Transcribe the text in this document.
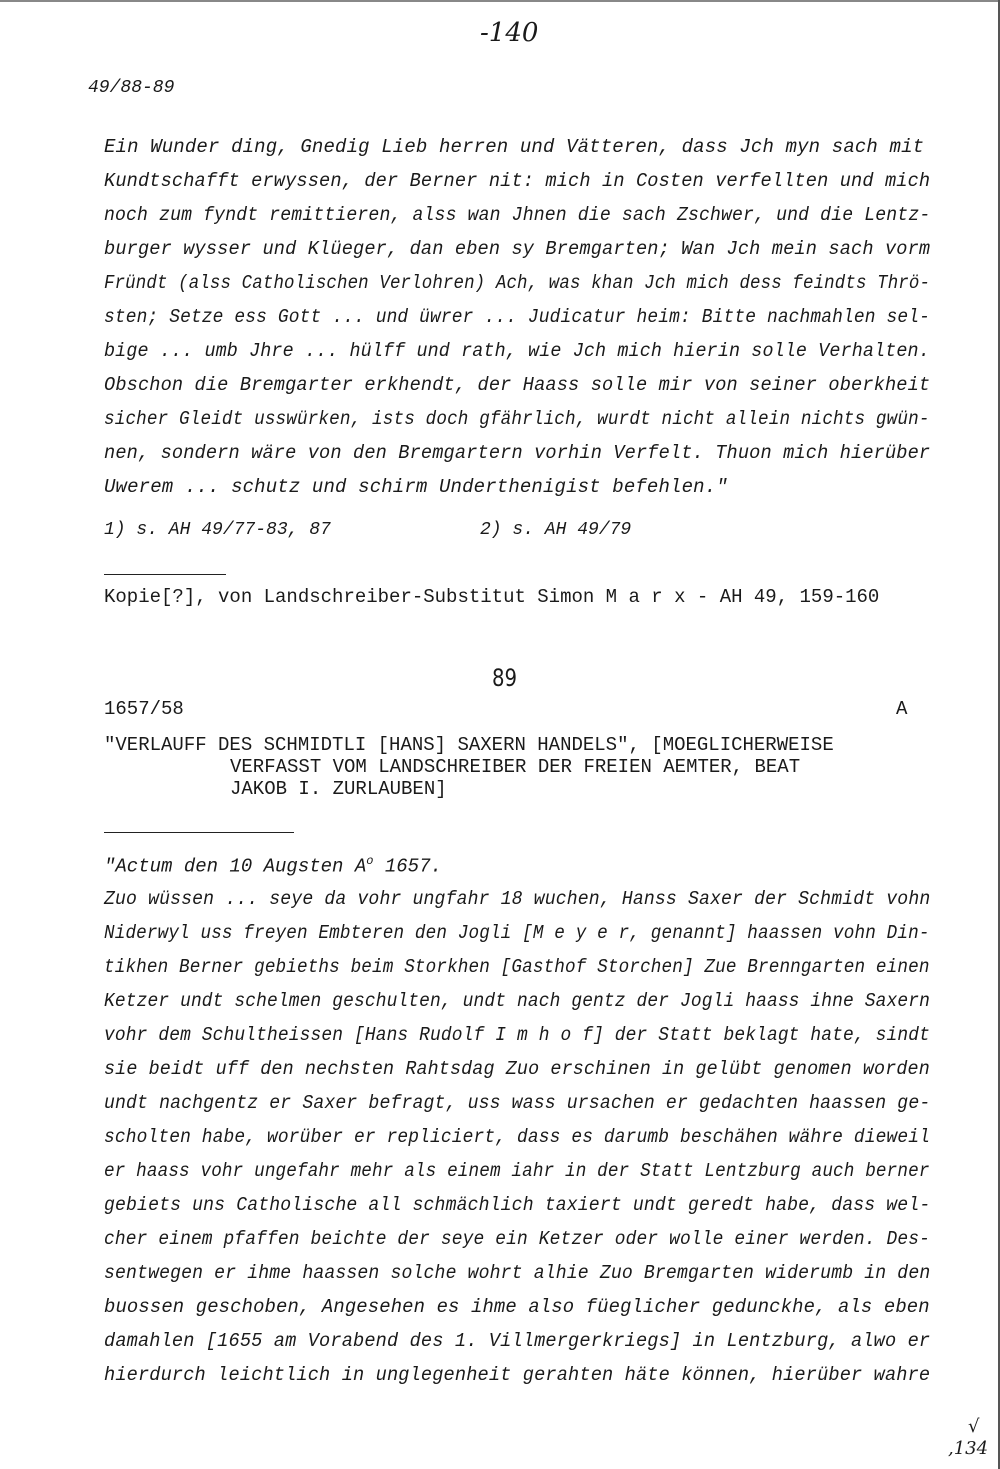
-140
49/88-89
Ein Wunder ding, Gnedig Lieb herren und Vätteren, dass Jch myn sach mit
Kundtschafft erwyssen, der Berner nit: mich in Costen verfellten und mich
noch zum fyndt remittieren, alss wan Jhnen die sach Zschwer, und die Lentz-
burger wysser und Klüeger, dan eben sy Bremgarten; Wan Jch mein sach vorm
Fründt (alss Catholischen Verlohren) Ach, was khan Jch mich dess feindts Thrö-
sten; Setze ess Gott ... und üwrer ... Judicatur heim: Bitte nachmahlen sel-
bige ... umb Jhre ... hülff und rath, wie Jch mich hierin solle Verhalten.
Obschon die Bremgarter erkhendt, der Haass solle mir von seiner oberkheit
sicher Gleidt usswürken, ists doch gfährlich, wurdt nicht allein nichts gwün-
nen, sondern wäre von den Bremgartern vorhin Verfelt. Thuon mich hierüber
Uwerem ... schutz und schirm Underthenigist befehlen."
1) s. AH 49/77-83, 87	2) s. AH 49/79
Kopie[?], von Landschreiber-Substitut Simon M a r x - AH 49, 159-160
89
1657/58	A
"VERLAUFF DES SCHMIDTLI [HANS] SAXERN HANDELS", [MOEGLICHERWEISE
VERFASST VOM LANDSCHREIBER DER FREIEN AEMTER, BEAT
JAKOB I. ZURLAUBEN]
"Actum den 10 Augsten $A^o$ 1657.
Zuo wüssen ... seye da vohr ungfahr 18 wuchen, Hanss Saxer der Schmidt vohn
Niderwyl uss freyen Embteren den Jogli [M e y e r, genannt] haassen vohn Din-
tikhen Berner gebieths beim Storkhen [Gasthof Storchen] Zue Brenngarten einen
Ketzer undt schelmen geschulten, undt nach gentz der Jogli haass ihne Saxern
vohr dem Schultheissen [Hans Rudolf I m h o f] der Statt beklagt hate, sindt
sie beidt uff den nechsten Rahtsdag Zuo erschinen in gelübt genomen worden
undt nachgentz er Saxer befragt, uss wass ursachen er gedachten haassen ge-
scholten habe, worüber er repliciert, dass es darumb beschähen währe dieweil
er haass vohr ungefahr mehr als einem iahr in der Statt Lentzburg auch berner
gebiets uns Catholische all schmächlich taxiert undt geredt habe, dass wel-
cher einem pfaffen beichte der seye ein Ketzer oder wolle einer werden. Des-
sentwegen er ihme haassen solche wohrt alhie Zuo Bremgarten widerumb in den
buossen geschoben, Angesehen es ihme also füeglicher gedunckhe, als eben
damahlen [1655 am Vorabend des 1. Villmergerkriegs] in Lentzburg, alwo er
hierdurch leichtlich in unglegenheit gerahten häte können, hierüber wahre
√
,134
